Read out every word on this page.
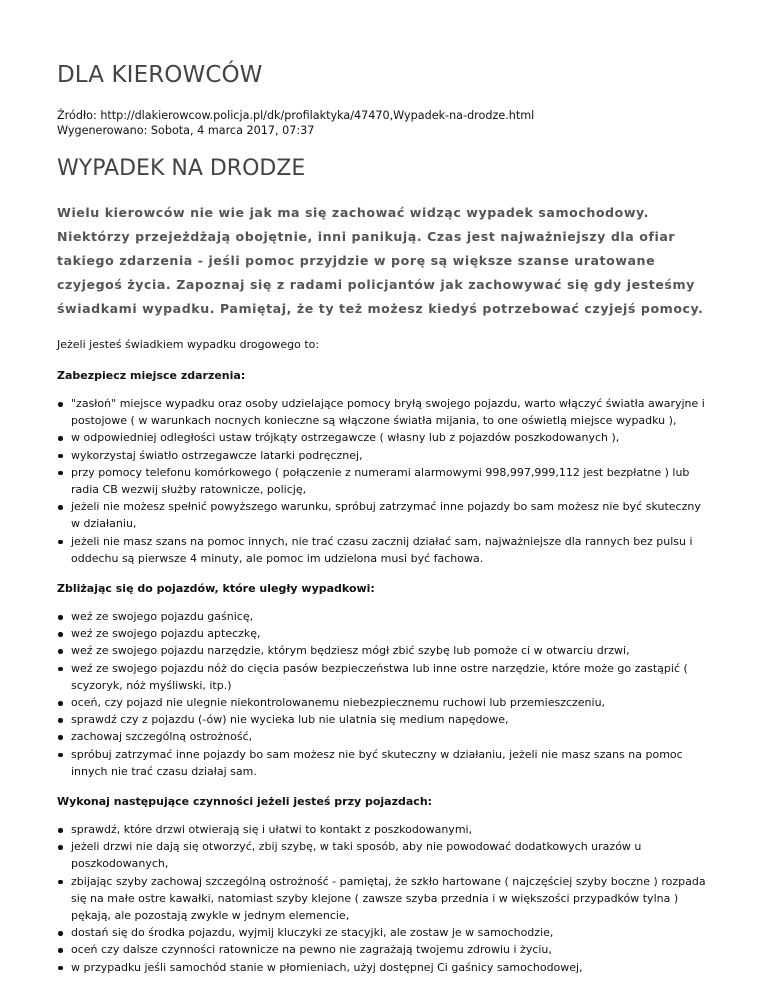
DLA KIEROWCÓW
Źródło: http://dlakierowcow.policja.pl/dk/profilaktyka/47470,Wypadek-na-drodze.html
Wygenerowano: Sobota, 4 marca 2017, 07:37
WYPADEK NA DRODZE

Wielu kierowców nie wie jak ma się zachować widząc wypadek samochodowy. Niektórzy przejeżdżają obojętnie, inni panikują. Czas jest najważniejszy dla ofiar takiego zdarzenia - jeśli pomoc przyjdzie w porę są większe szanse uratowane czyjegoś życia. Zapoznaj się z radami policjantów jak zachowywać się gdy jesteśmy świadkami wypadku. Pamiętaj, że ty też możesz kiedyś potrzebować czyjejś pomocy.

Jeżeli jesteś świadkiem wypadku drogowego to:

Zabezpiecz miejsce zdarzenia:

"zasłoń" miejsce wypadku oraz osoby udzielające pomocy bryłą swojego pojazdu, warto włączyć światła awaryjne i postojowe ( w warunkach nocnych konieczne są włączone światła mijania, to one oświetlą miejsce wypadku ),
w odpowiedniej odległości ustaw trójkąty ostrzegawcze ( własny lub z pojazdów poszkodowanych ),
wykorzystaj światło ostrzegawcze latarki podręcznej,
przy pomocy telefonu komórkowego ( połączenie z numerami alarmowymi 998,997,999,112 jest bezpłatne ) lub radia CB wezwij służby ratownicze, policję,
jeżeli nie możesz spełnić powyższego warunku, spróbuj zatrzymać inne pojazdy bo sam możesz nie być skuteczny w działaniu,
jeżeli nie masz szans na pomoc innych, nie trać czasu zacznij działać sam, najważniejsze dla rannych bez pulsu i oddechu są pierwsze 4 minuty, ale pomoc im udzielona musi być fachowa.

Zbliżając się do pojazdów, które uległy wypadkowi:

weź ze swojego pojazdu gaśnicę,
weź ze swojego pojazdu apteczkę,
weź ze swojego pojazdu narzędzie, którym będziesz mógł zbić szybę lub pomoże ci w otwarciu drzwi,
weź ze swojego pojazdu nóż do cięcia pasów bezpieczeństwa lub inne ostre narzędzie, które może go zastąpić ( scyzoryk, nóż myśliwski, itp.)
oceń, czy pojazd nie ulegnie niekontrolowanemu niebezpiecznemu ruchowi lub przemieszczeniu,
sprawdź czy z pojazdu (-ów) nie wycieka lub nie ulatnia się medium napędowe,
zachowaj szczególną ostrożność,
spróbuj zatrzymać inne pojazdy bo sam możesz nie być skuteczny w działaniu, jeżeli nie masz szans na pomoc innych nie trać czasu działaj sam.

Wykonaj następujące czynności jeżeli jesteś przy pojazdach:

sprawdź, które drzwi otwierają się i ułatwi to kontakt z poszkodowanymi,
jeżeli drzwi nie dają się otworzyć, zbij szybę, w taki sposób, aby nie powodować dodatkowych urazów u poszkodowanych,
zbijając szyby zachowaj szczególną ostrożność - pamiętaj, że szkło hartowane ( najczęściej szyby boczne ) rozpada się na małe ostre kawałki, natomiast szyby klejone ( zawsze szyba przednia i w większości przypadków tylna ) pękają, ale pozostają zwykle w jednym elemencie,
dostań się do środka pojazdu, wyjmij kluczyki ze stacyjki, ale zostaw je w samochodzie,
oceń czy dalsze czynności ratownicze na pewno nie zagrażają twojemu zdrowiu i życiu,
w przypadku jeśli samochód stanie w płomieniach, użyj dostępnej Ci gaśnicy samochodowej,
